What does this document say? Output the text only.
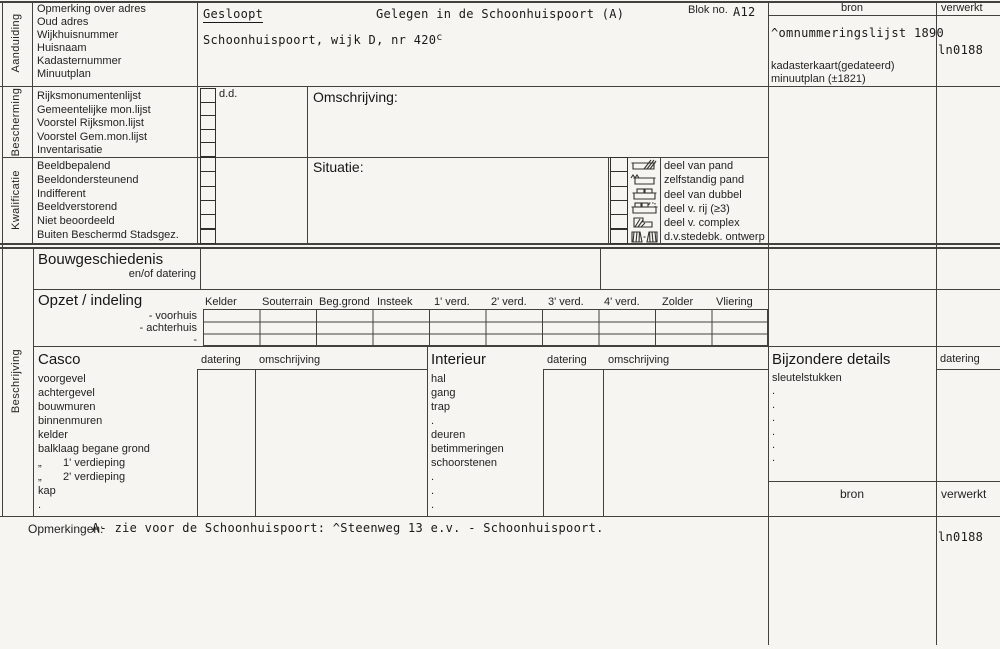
Aanduiding
Bescherming
Kwalificatie
Beschrijving
Opmerking over adres
Oud adres
Wijkhuisnummer
Huisnaam
Kadasternummer
Minuutplan
Gesloopt	Gelegen in de Schoonhuispoort (A)
Schoonhuispoort, wijk D, nr 420$^c$
Blok no. A12	bron	verwerkt
^omnummeringslijst 1890
ln0188
kadasterkaart(gedateerd)
minuutplan (±1821)
Rijksmonumentenlijst
Gemeentelijke mon.lijst
Voorstel Rijksmon.lijst
Voorstel Gem.mon.lijst
Inventarisatie
d.d.	Omschrijving:
Beeldbepalend
Beeldondersteunend
Indifferent
Beeldverstorend
Niet beoordeeld
Buiten Beschermd Stadsgez.
Situatie:	deel van pand
zelfstandig pand
deel van dubbel
deel v. rij (≥3)
deel v. complex
d.v.stedebk. ontwerp
Bouwgeschiedenis
en/of datering
Opzet / indeling	Kelder Souterrain Beg.grond Insteek 1' verd. 2' verd. 3' verd. 4' verd. Zolder Vliering
- voorhuis
- achterhuis
-
Casco	datering omschrijving
voorgevel
achtergevel
bouwmuren
binnenmuren
kelder
balklaag begane grond
„       1' verdieping
„       2' verdieping
kap
.
Interieur	datering omschrijving
hal
gang
trap
.
deuren
betimmeringen
schoorstenen
.
.
.
Bijzondere details	datering
sleutelstukken
.
.
.
.
.
.
bron	verwerkt
Opmerkingen:
A- zie voor de Schoonhuispoort: ^Steenweg 13 e.v. - Schoonhuispoort.
ln0188
